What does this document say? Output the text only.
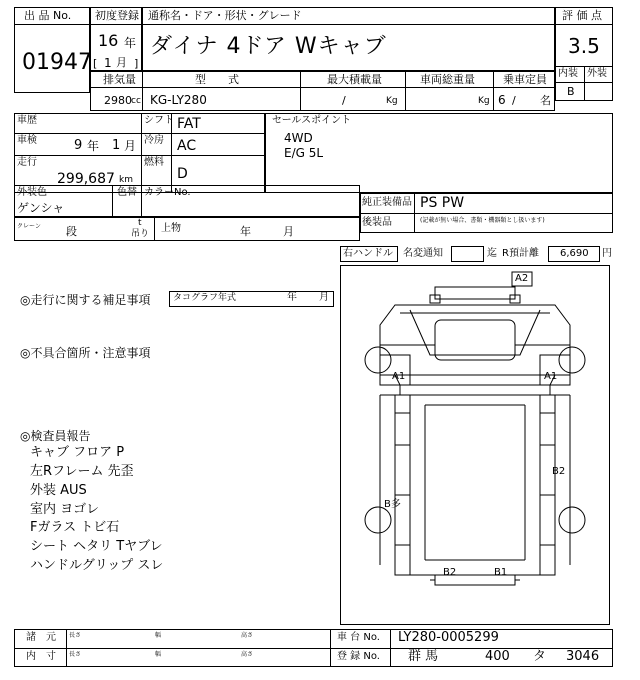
出 品 No.
01947
初度登録
16 年
[ 1 月 ]
通称名・ドア・形状・グレード
ダイナ 4ドア Wキャブ
評 価 点
3.5
内装 外装
B
排気量
2980 cc
型　　式
KG-LY280
最大積載量
/	Kg
車両総重量
Kg
乗車定員
6 / 名
車歴	シフト FAT
車検	9 年 1 月 冷房 AC
走行
299,687 km
燃料
D
セールスポイント
4WD
E/G 5L
外装色
ゲンシャ
色替 カラーNo.
純正装備品 PS PW
後装品	(記載が無い場合、書類・機器類とし扱います)
クレーン 段
t
吊り 上物	年	月
右ハンドル 名変通知	迄 R預計離 6,690 円
◎走行に関する補足事項	タコグラフ年式	年 月
◎不具合箇所・注意事項
◎検査員報告
キャブ フロア P
左Rフレーム 先歪
外装 AUS
室内 ヨゴレ
Fガラス トビ石
シート ヘタリ Tヤブレ
ハンドルグリップ スレ
A2
A1	A1
B2
B多
B2	B1
諸　元
内　寸
長さ	幅	高さ
長さ	幅	高さ
車 台 No. LY280-0005299
登 録 No. 群 馬	400 タ 3046
